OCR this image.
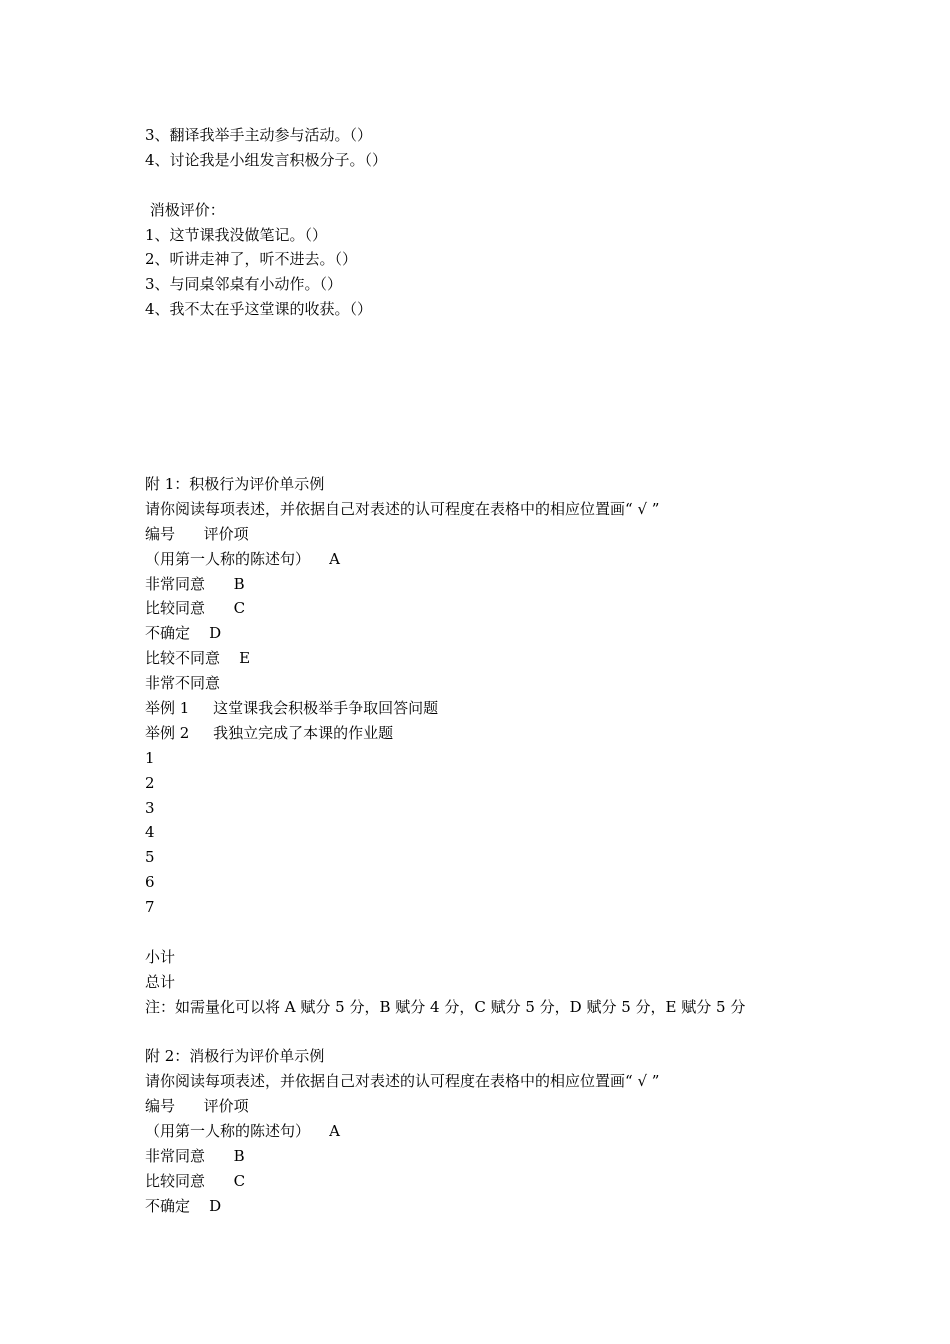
3、翻译我举手主动参与活动。（）
4、讨论我是小组发言积极分子。（）
消极评价：
1、这节课我没做笔记。（）
2、听讲走神了，听不进去。（）
3、与同桌邻桌有小动作。（）
4、我不太在乎这堂课的收获。（）
附 1：积极行为评价单示例
请你阅读每项表述，并依据自己对表述的认可程度在表格中的相应位置画“ √ ”
编号      评价项
（用第一人称的陈述句）    A
非常同意      B
比较同意      C
不确定    D
比较不同意    E
非常不同意
举例 1     这堂课我会积极举手争取回答问题
举例 2     我独立完成了本课的作业题
1
2
3
4
5
6
7
小计
总计
注：如需量化可以将 A 赋分 5 分，B 赋分 4 分，C 赋分 5 分，D 赋分 5 分，E 赋分 5 分
附 2：消极行为评价单示例
请你阅读每项表述，并依据自己对表述的认可程度在表格中的相应位置画“ √ ”
编号      评价项
（用第一人称的陈述句）    A
非常同意      B
比较同意      C
不确定    D
